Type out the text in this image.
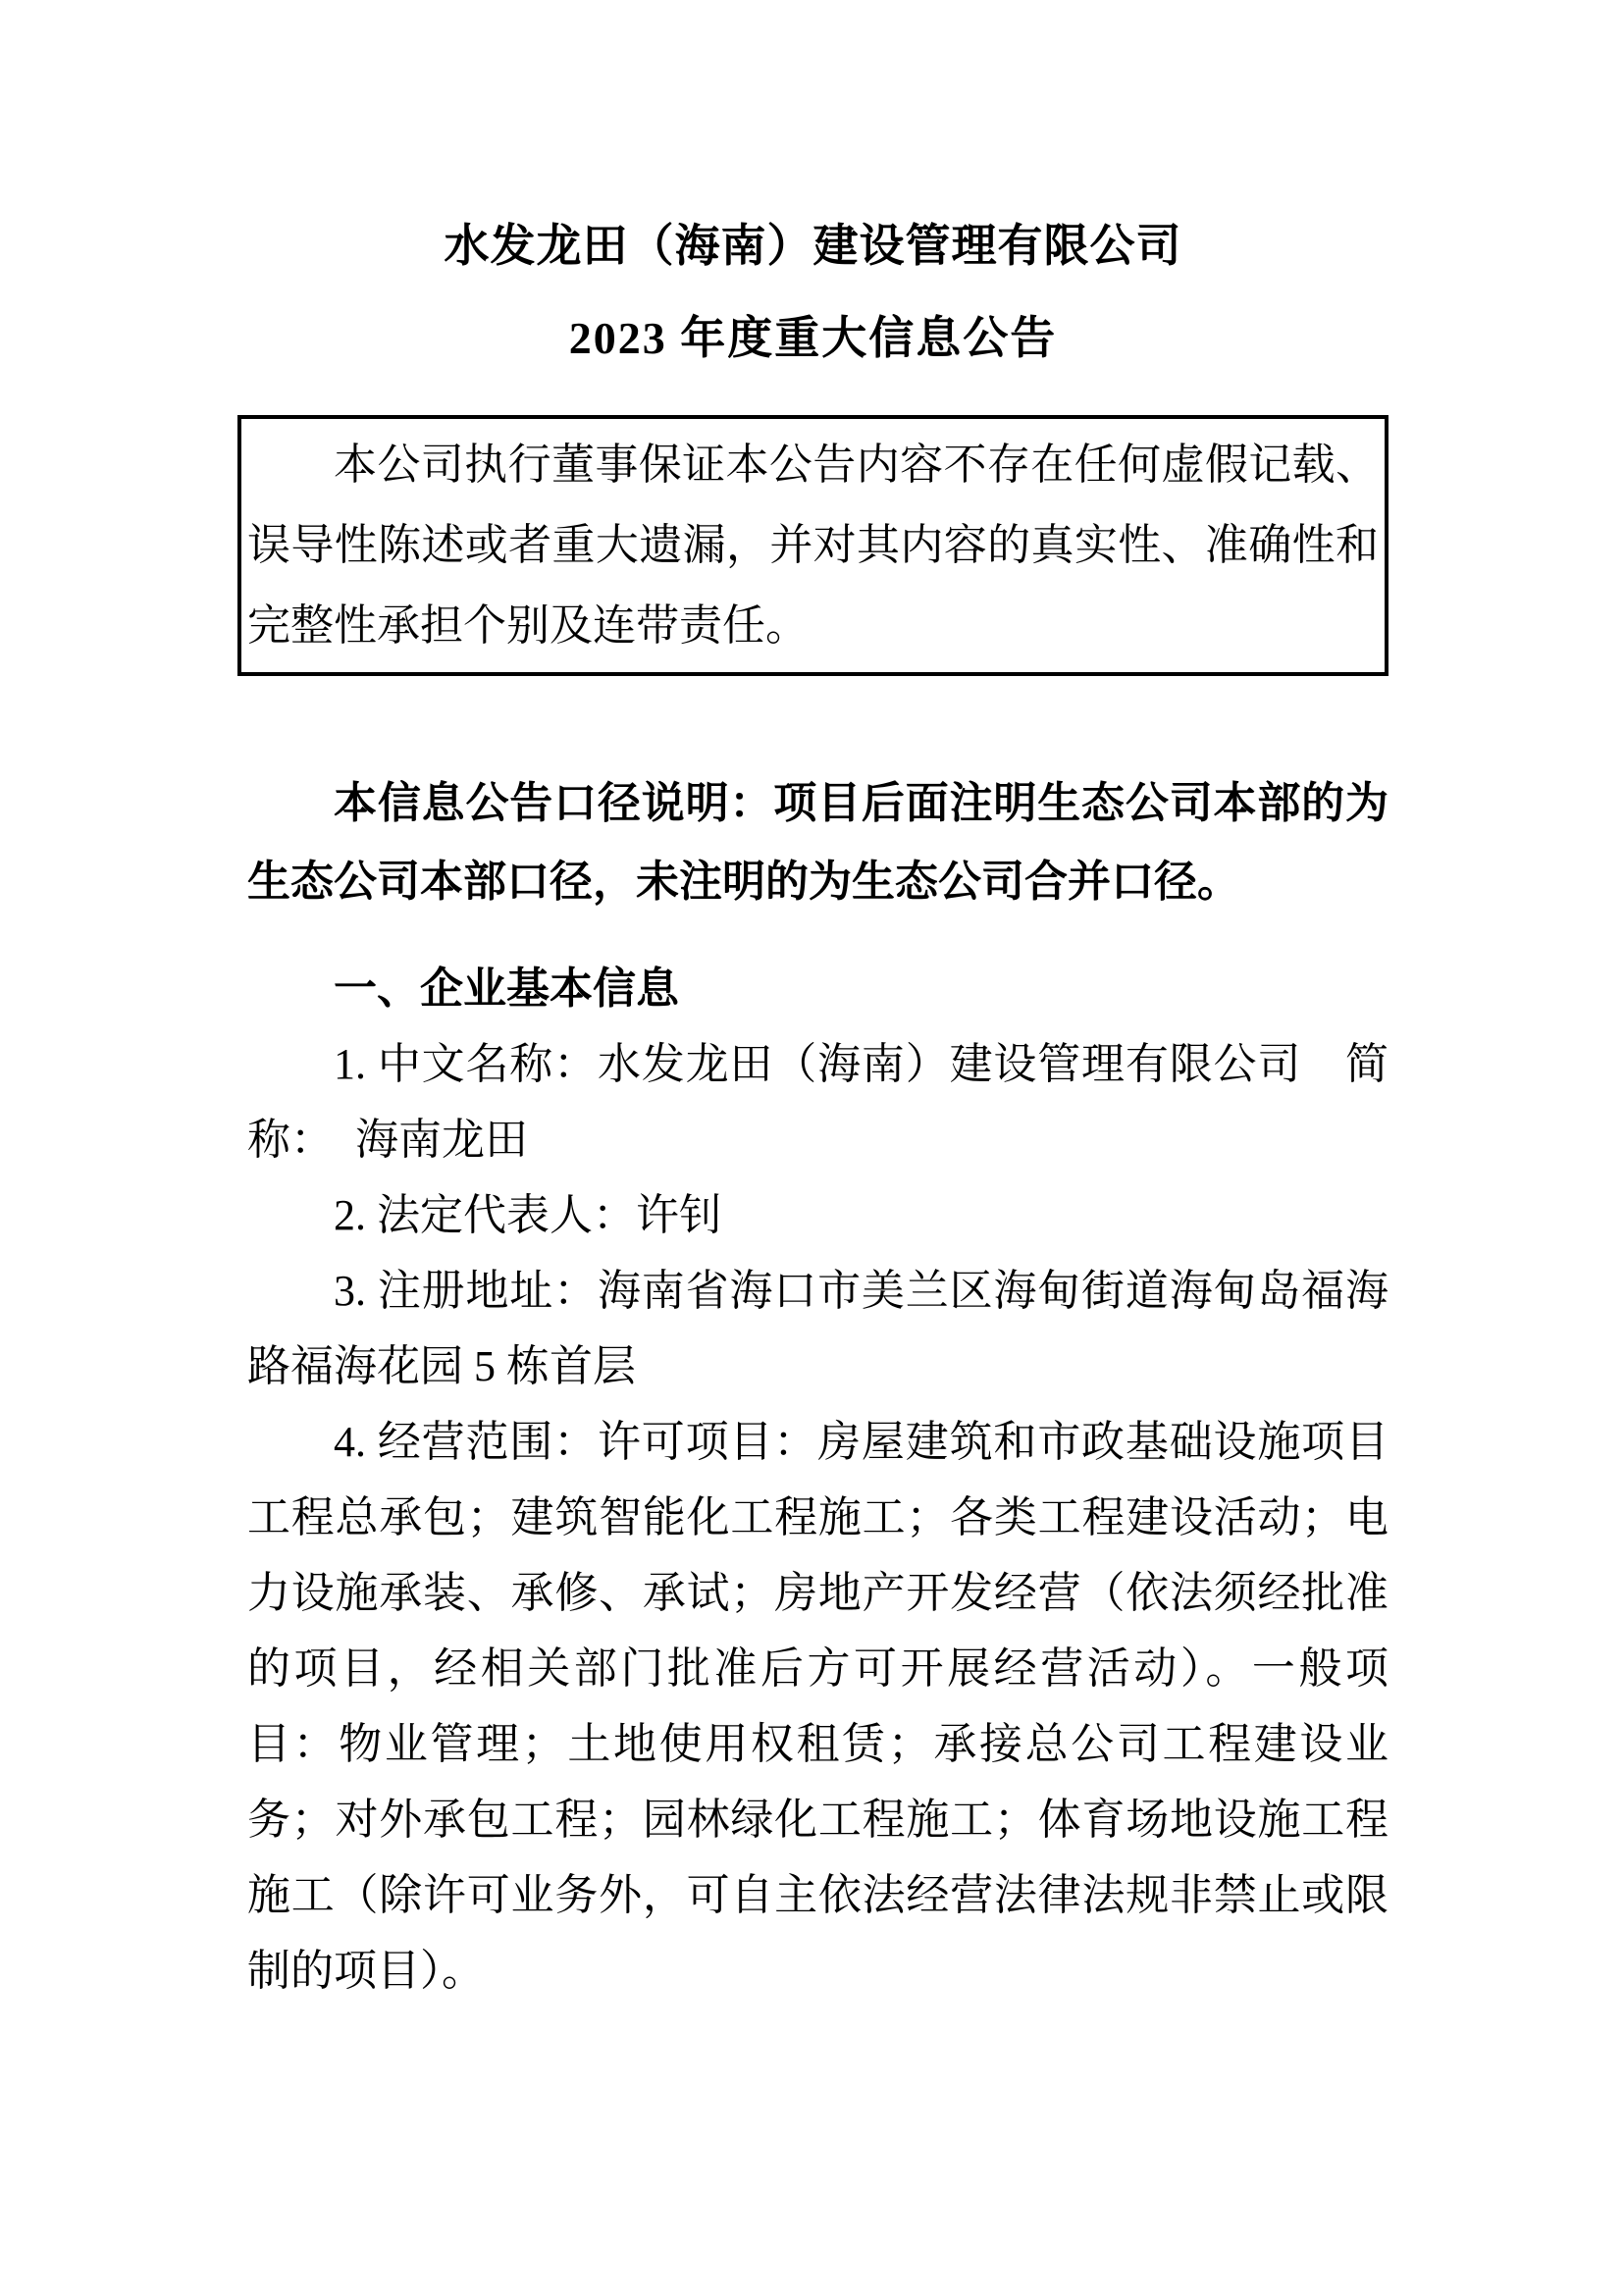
水发龙田（海南）建设管理有限公司
2023 年度重大信息公告

本公司执行董事保证本公告内容不存在任何虚假记载、误导性陈述或者重大遗漏，并对其内容的真实性、准确性和完整性承担个别及连带责任。

本信息公告口径说明：项目后面注明生态公司本部的为生态公司本部口径，未注明的为生态公司合并口径。

一、企业基本信息

1. 中文名称：水发龙田（海南）建设管理有限公司　简称：　海南龙田

2. 法定代表人：许钊

3. 注册地址：海南省海口市美兰区海甸街道海甸岛福海路福海花园 5 栋首层

4. 经营范围：许可项目：房屋建筑和市政基础设施项目工程总承包；建筑智能化工程施工；各类工程建设活动；电力设施承装、承修、承试；房地产开发经营（依法须经批准的项目，经相关部门批准后方可开展经营活动）。一般项目：物业管理；土地使用权租赁；承接总公司工程建设业务；对外承包工程；园林绿化工程施工；体育场地设施工程施工（除许可业务外，可自主依法经营法律法规非禁止或限制的项目）。
